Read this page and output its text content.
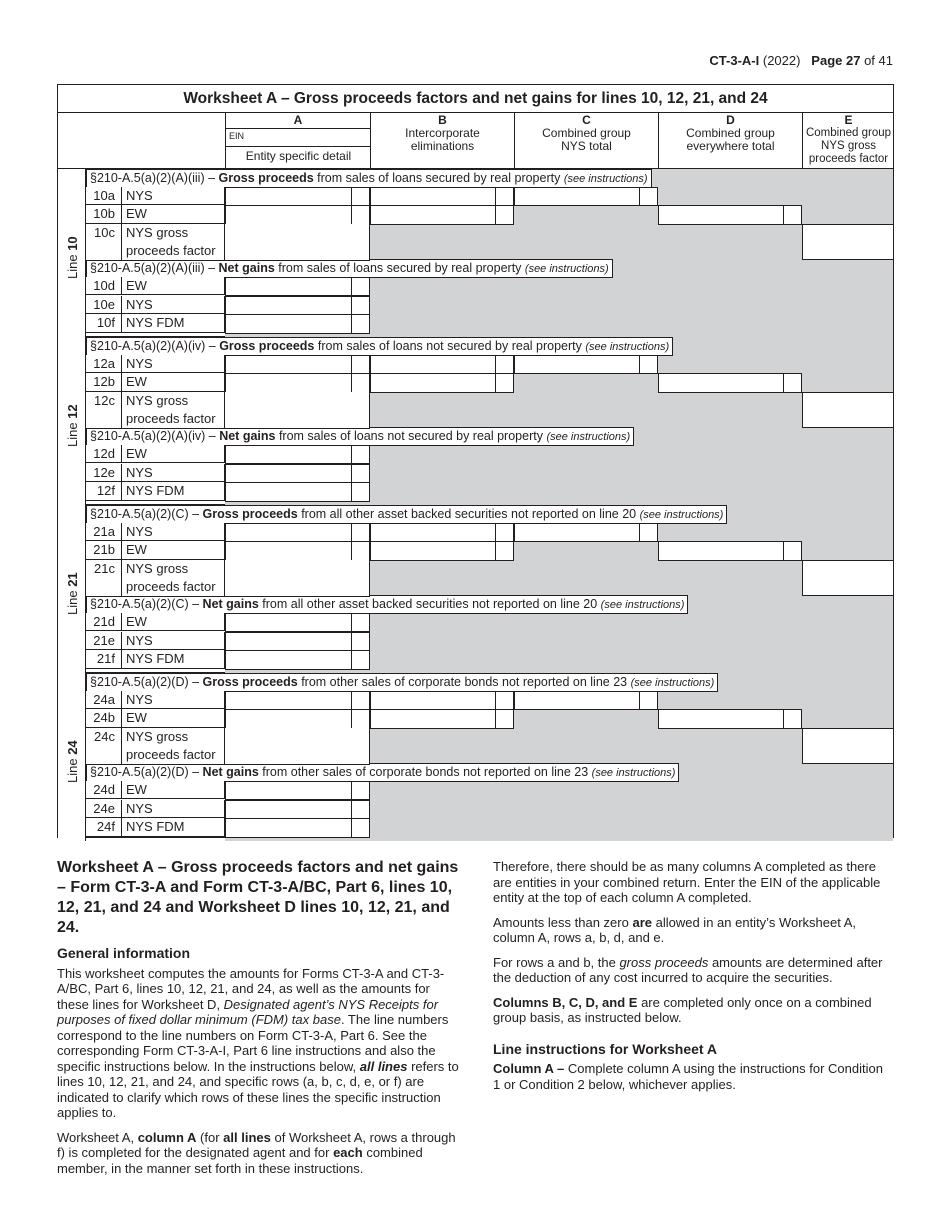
CT-3-A-I (2022) Page 27 of 41
Worksheet A – Gross proceeds factors and net gains for lines 10, 12, 21, and 24
A
EIN
Entity specific detail
B
Intercorporate eliminations
C
Combined group NYS total
D
Combined group everywhere total
E
Combined group NYS gross proceeds factor
Line 10
§210-A.5(a)(2)(A)(iii) – Gross proceeds from sales of loans secured by real property (see instructions)
§210-A.5(a)(2)(A)(iii) – Net gains from sales of loans secured by real property (see instructions)
10a NYS
10b EW
10c NYS gross
proceeds factor
10d EW
10e NYS
10f NYS FDM
Line 12
§210-A.5(a)(2)(A)(iv) – Gross proceeds from sales of loans not secured by real property (see instructions)
§210-A.5(a)(2)(A)(iv) – Net gains from sales of loans not secured by real property (see instructions)
12a NYS
12b EW
12c NYS gross
proceeds factor
12d EW
12e NYS
12f NYS FDM
Line 21
§210-A.5(a)(2)(C) – Gross proceeds from all other asset backed securities not reported on line 20 (see instructions)
§210-A.5(a)(2)(C) – Net gains from all other asset backed securities not reported on line 20 (see instructions)
21a NYS
21b EW
21c NYS gross
proceeds factor
21d EW
21e NYS
21f NYS FDM
Line 24
§210-A.5(a)(2)(D) – Gross proceeds from other sales of corporate bonds not reported on line 23 (see instructions)
§210-A.5(a)(2)(D) – Net gains from other sales of corporate bonds not reported on line 23 (see instructions)
24a NYS
24b EW
24c NYS gross
proceeds factor
24d EW
24e NYS
24f NYS FDM
Worksheet A – Gross proceeds factors and net gains – Form CT-3-A and Form CT-3-A/BC, Part 6, lines 10, 12, 21, and 24 and Worksheet D lines 10, 12, 21, and 24.
General information

This worksheet computes the amounts for Forms CT-3-A and CT-3-A/BC, Part 6, lines 10, 12, 21, and 24, as well as the amounts for these lines for Worksheet D, Designated agent’s NYS Receipts for purposes of fixed dollar minimum (FDM) tax base. The line numbers correspond to the line numbers on Form CT-3-A, Part 6. See the corresponding Form CT-3-A-I, Part 6 line instructions and also the specific instructions below. In the instructions below, all lines refers to lines 10, 12, 21, and 24, and specific rows (a, b, c, d, e, or f) are indicated to clarify which rows of these lines the specific instruction applies to.

Worksheet A, column A (for all lines of Worksheet A, rows a through f) is completed for the designated agent and for each combined member, in the manner set forth in these instructions.

Therefore, there should be as many columns A completed as there are entities in your combined return. Enter the EIN of the applicable entity at the top of each column A completed.

Amounts less than zero are allowed in an entity’s Worksheet A, column A, rows a, b, d, and e.

For rows a and b, the gross proceeds amounts are determined after the deduction of any cost incurred to acquire the securities.

Columns B, C, D, and E are completed only once on a combined group basis, as instructed below.

Line instructions for Worksheet A

Column A – Complete column A using the instructions for Condition 1 or Condition 2 below, whichever applies.
